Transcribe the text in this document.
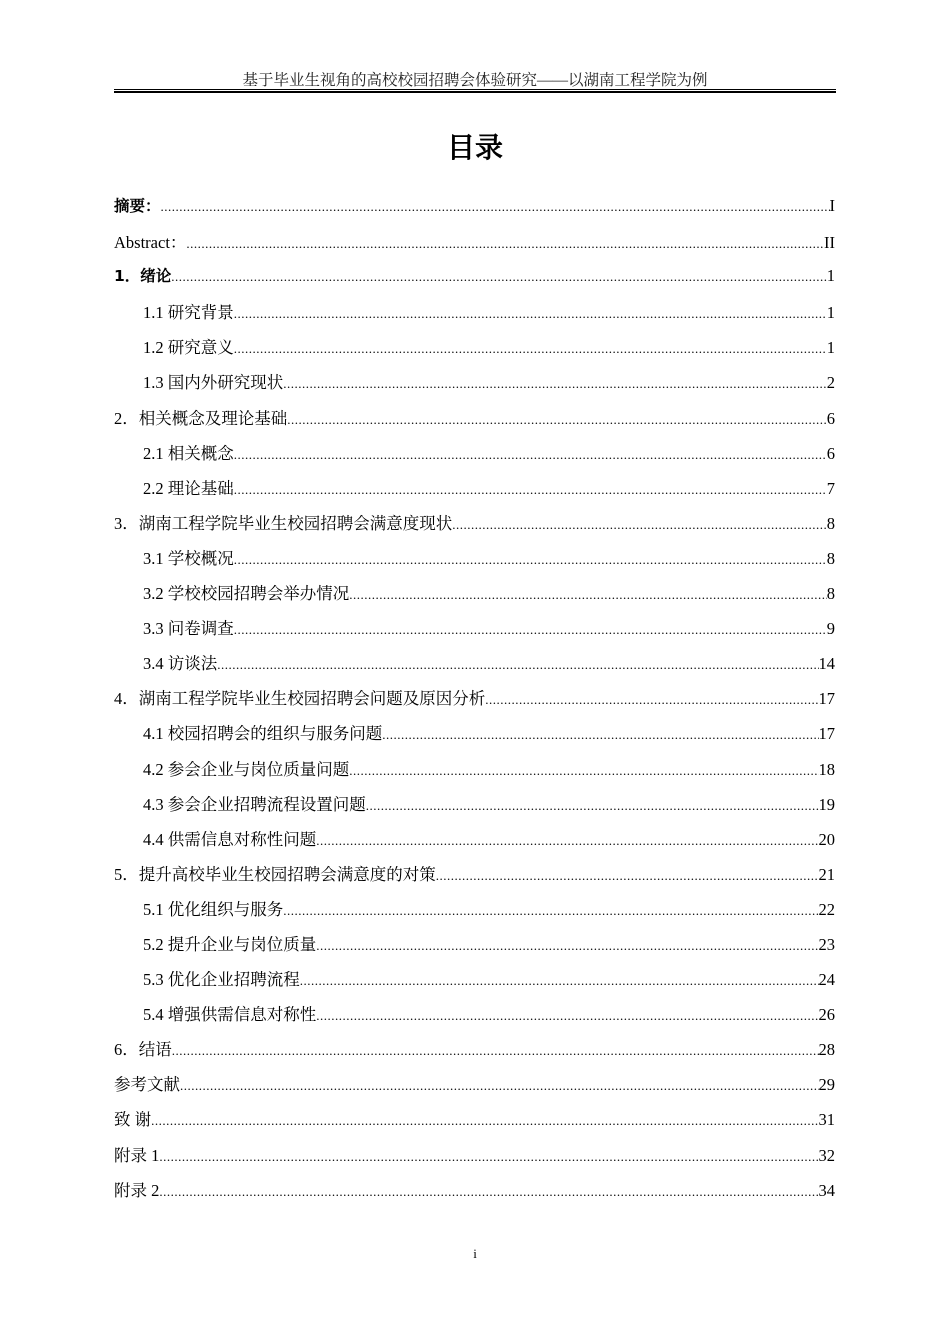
基于毕业生视角的高校校园招聘会体验研究——以湖南工程学院为例
目录
摘要： .....	I
Abstract： .....	II
1．绪论 .....	1
1.1 研究背景 .....	1
1.2 研究意义 .....	1
1.3 国内外研究现状 .....	2
2．相关概念及理论基础 .....	6
2.1 相关概念 .....	6
2.2 理论基础 .....	7
3．湖南工程学院毕业生校园招聘会满意度现状 .....	8
3.1 学校概况 .....	8
3.2 学校校园招聘会举办情况 .....	8
3.3 问卷调查 .....	9
3.4 访谈法 .....	14
4．湖南工程学院毕业生校园招聘会问题及原因分析 .....	17
4.1 校园招聘会的组织与服务问题 .....	17
4.2 参会企业与岗位质量问题 .....	18
4.3 参会企业招聘流程设置问题 .....	19
4.4 供需信息对称性问题 .....	20
5．提升高校毕业生校园招聘会满意度的对策 .....	21
5.1 优化组织与服务 .....	22
5.2 提升企业与岗位质量 .....	23
5.3 优化企业招聘流程 .....	24
5.4 增强供需信息对称性 .....	26
6．结语 .....	28
参考文献 .....	29
致 谢 .....	31
附录 1 .....	32
附录 2 .....	34
i
